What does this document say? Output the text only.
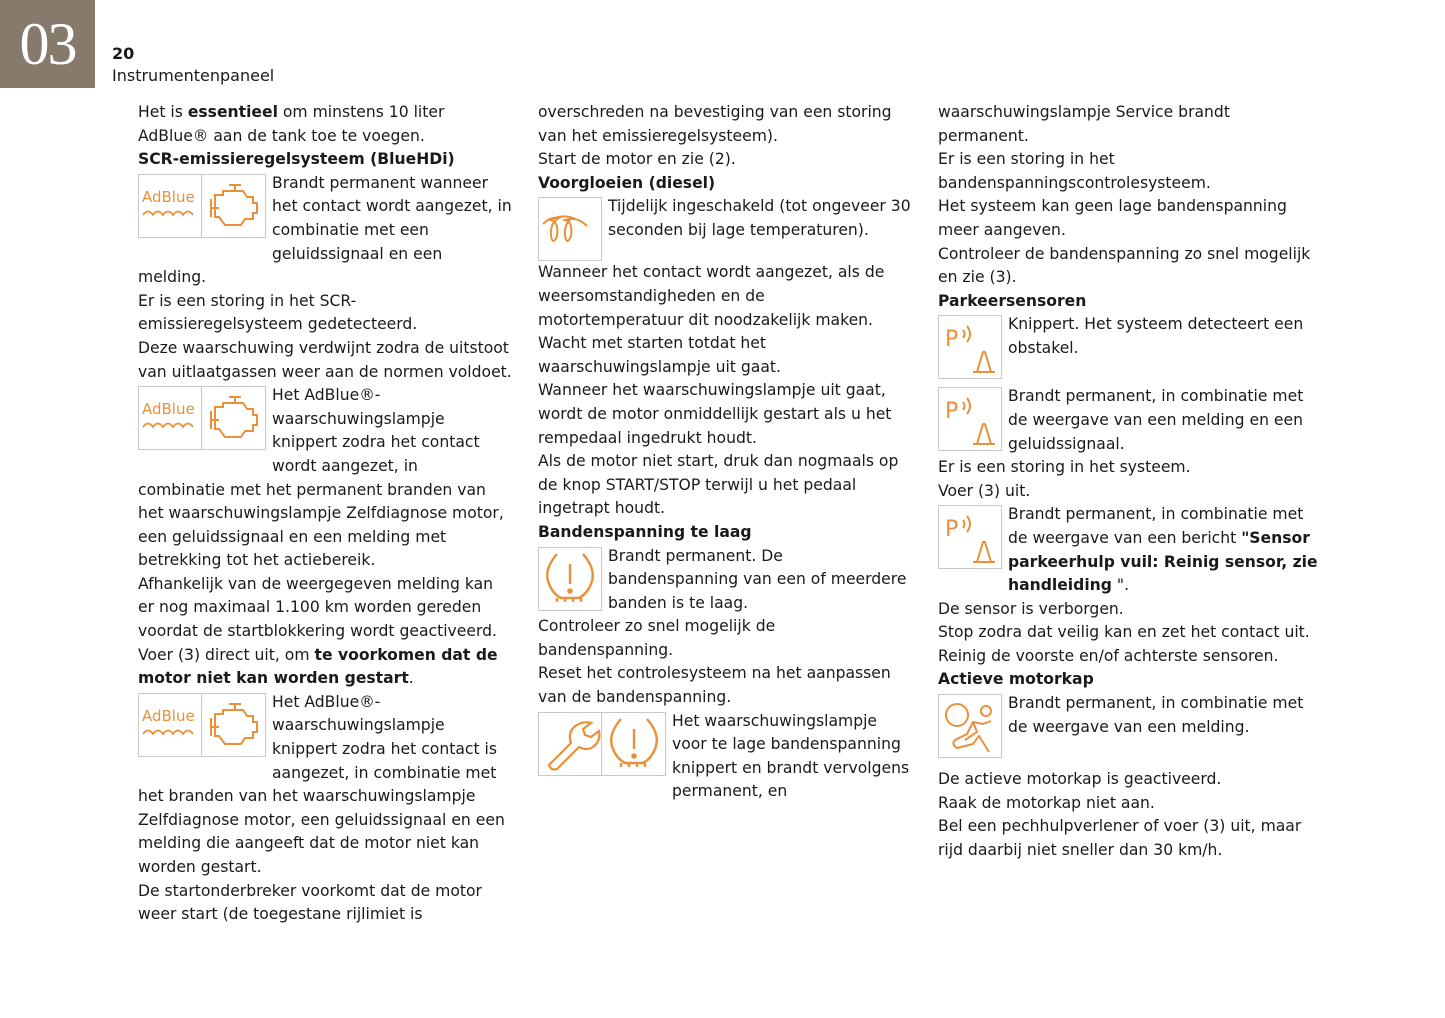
03	20
Instrumentenpaneel

Het is essentieel om minstens 10 liter AdBlue® aan de tank toe te voegen.

SCR-emissieregelsysteem (BlueHDi)

AdBlue
Brandt permanent wanneer het contact wordt aangezet, in combinatie met een geluidssignaal en een

melding.

Er is een storing in het SCR-emissieregelsysteem gedetecteerd.

Deze waarschuwing verdwijnt zodra de uitstoot van uitlaatgassen weer aan de normen voldoet.

AdBlue
Het AdBlue®-waarschuwingslampje knippert zodra het contact wordt aangezet, in

combinatie met het permanent branden van het waarschuwingslampje Zelfdiagnose motor, een geluidssignaal en een melding met betrekking tot het actiebereik.

Afhankelijk van de weergegeven melding kan er nog maximaal 1.100 km worden gereden voordat de startblokkering wordt geactiveerd.

Voer (3) direct uit, om te voorkomen dat de motor niet kan worden gestart.

AdBlue
Het AdBlue®-waarschuwingslampje knippert zodra het contact is aangezet, in combinatie met

het branden van het waarschuwingslampje Zelfdiagnose motor, een geluidssignaal en een melding die aangeeft dat de motor niet kan worden gestart.

De startonderbreker voorkomt dat de motor weer start (de toegestane rijlimiet is

overschreden na bevestiging van een storing van het emissieregelsysteem).

Start de motor en zie (2).

Voorgloeien (diesel)

Tijdelijk ingeschakeld (tot ongeveer 30 seconden bij lage temperaturen).

Wanneer het contact wordt aangezet, als de weersomstandigheden en de motortemperatuur dit noodzakelijk maken.

Wacht met starten totdat het waarschuwingslampje uit gaat.

Wanneer het waarschuwingslampje uit gaat, wordt de motor onmiddellijk gestart als u het rempedaal ingedrukt houdt.

Als de motor niet start, druk dan nogmaals op de knop START/STOP terwijl u het pedaal ingetrapt houdt.

Bandenspanning te laag

Brandt permanent. De bandenspanning van een of meerdere banden is te laag.

Controleer zo snel mogelijk de bandenspanning.

Reset het controlesysteem na het aanpassen van de bandenspanning.

Het waarschuwingslampje voor te lage bandenspanning knippert en brandt vervolgens permanent, en

waarschuwingslampje Service brandt permanent.

Er is een storing in het bandenspanningscontrolesysteem.

Het systeem kan geen lage bandenspanning meer aangeven.

Controleer de bandenspanning zo snel mogelijk en zie (3).

Parkeersensoren

P
Knippert. Het systeem detecteert een obstakel.
P
Brandt permanent, in combinatie met de weergave van een melding en een geluidssignaal.

Er is een storing in het systeem.

Voer (3) uit.

P
Brandt permanent, in combinatie met de weergave van een bericht "Sensor parkeerhulp vuil: Reinig sensor, zie handleiding ".

De sensor is verborgen.

Stop zodra dat veilig kan en zet het contact uit.

Reinig de voorste en/of achterste sensoren.

Actieve motorkap

Brandt permanent, in combinatie met de weergave van een melding.

De actieve motorkap is geactiveerd.

Raak de motorkap niet aan.

Bel een pechhulpverlener of voer (3) uit, maar rijd daarbij niet sneller dan 30 km/h.
